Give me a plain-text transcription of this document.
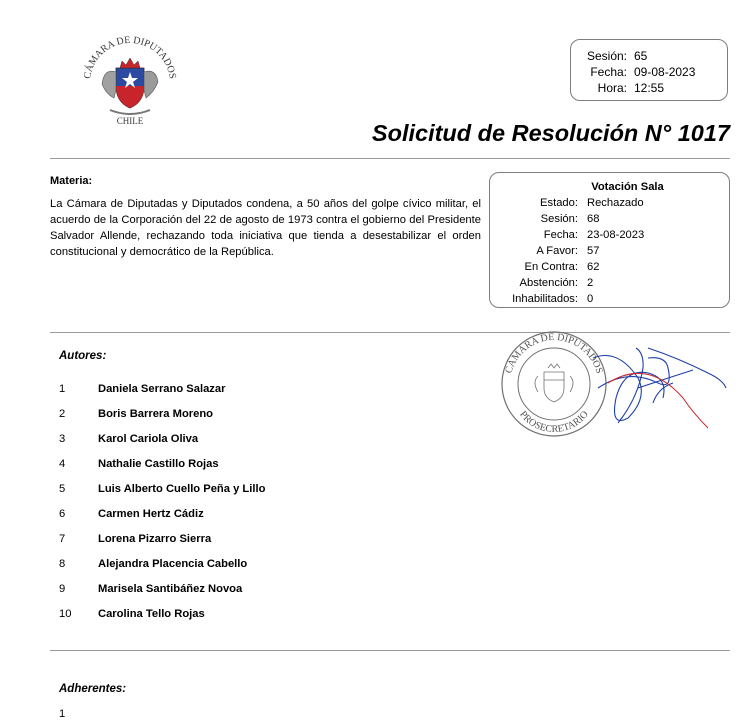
CÁMARA DE DIPUTADOS
CHILE
Sesión: 65
Fecha: 09-08-2023
Hora: 12:55
Solicitud de Resolución N° 1017
Materia:
La Cámara de Diputadas y Diputados condena, a 50 años del golpe cívico militar, el acuerdo de la Corporación del 22 de agosto de 1973 contra el gobierno del Presidente Salvador Allende, rechazando toda iniciativa que tienda a desestabilizar el orden constitucional y democrático de la República.
Votación Sala
Estado: Rechazado
Sesión: 68
Fecha: 23-08-2023
A Favor: 57
En Contra: 62
Abstención: 2
Inhabilitados: 0
Autores:
1	Daniela Serrano Salazar
2	Boris Barrera Moreno
3	Karol Cariola Oliva
4	Nathalie Castillo Rojas
5	Luis Alberto Cuello Peña y Lillo
6	Carmen Hertz Cádiz
7	Lorena Pizarro Sierra
8	Alejandra Placencia Cabello
9	Marisela Santibáñez Novoa
10 Carolina Tello Rojas
Adherentes:
1
CÁMARA DE DIPUTADOS
PROSECRETARIO
